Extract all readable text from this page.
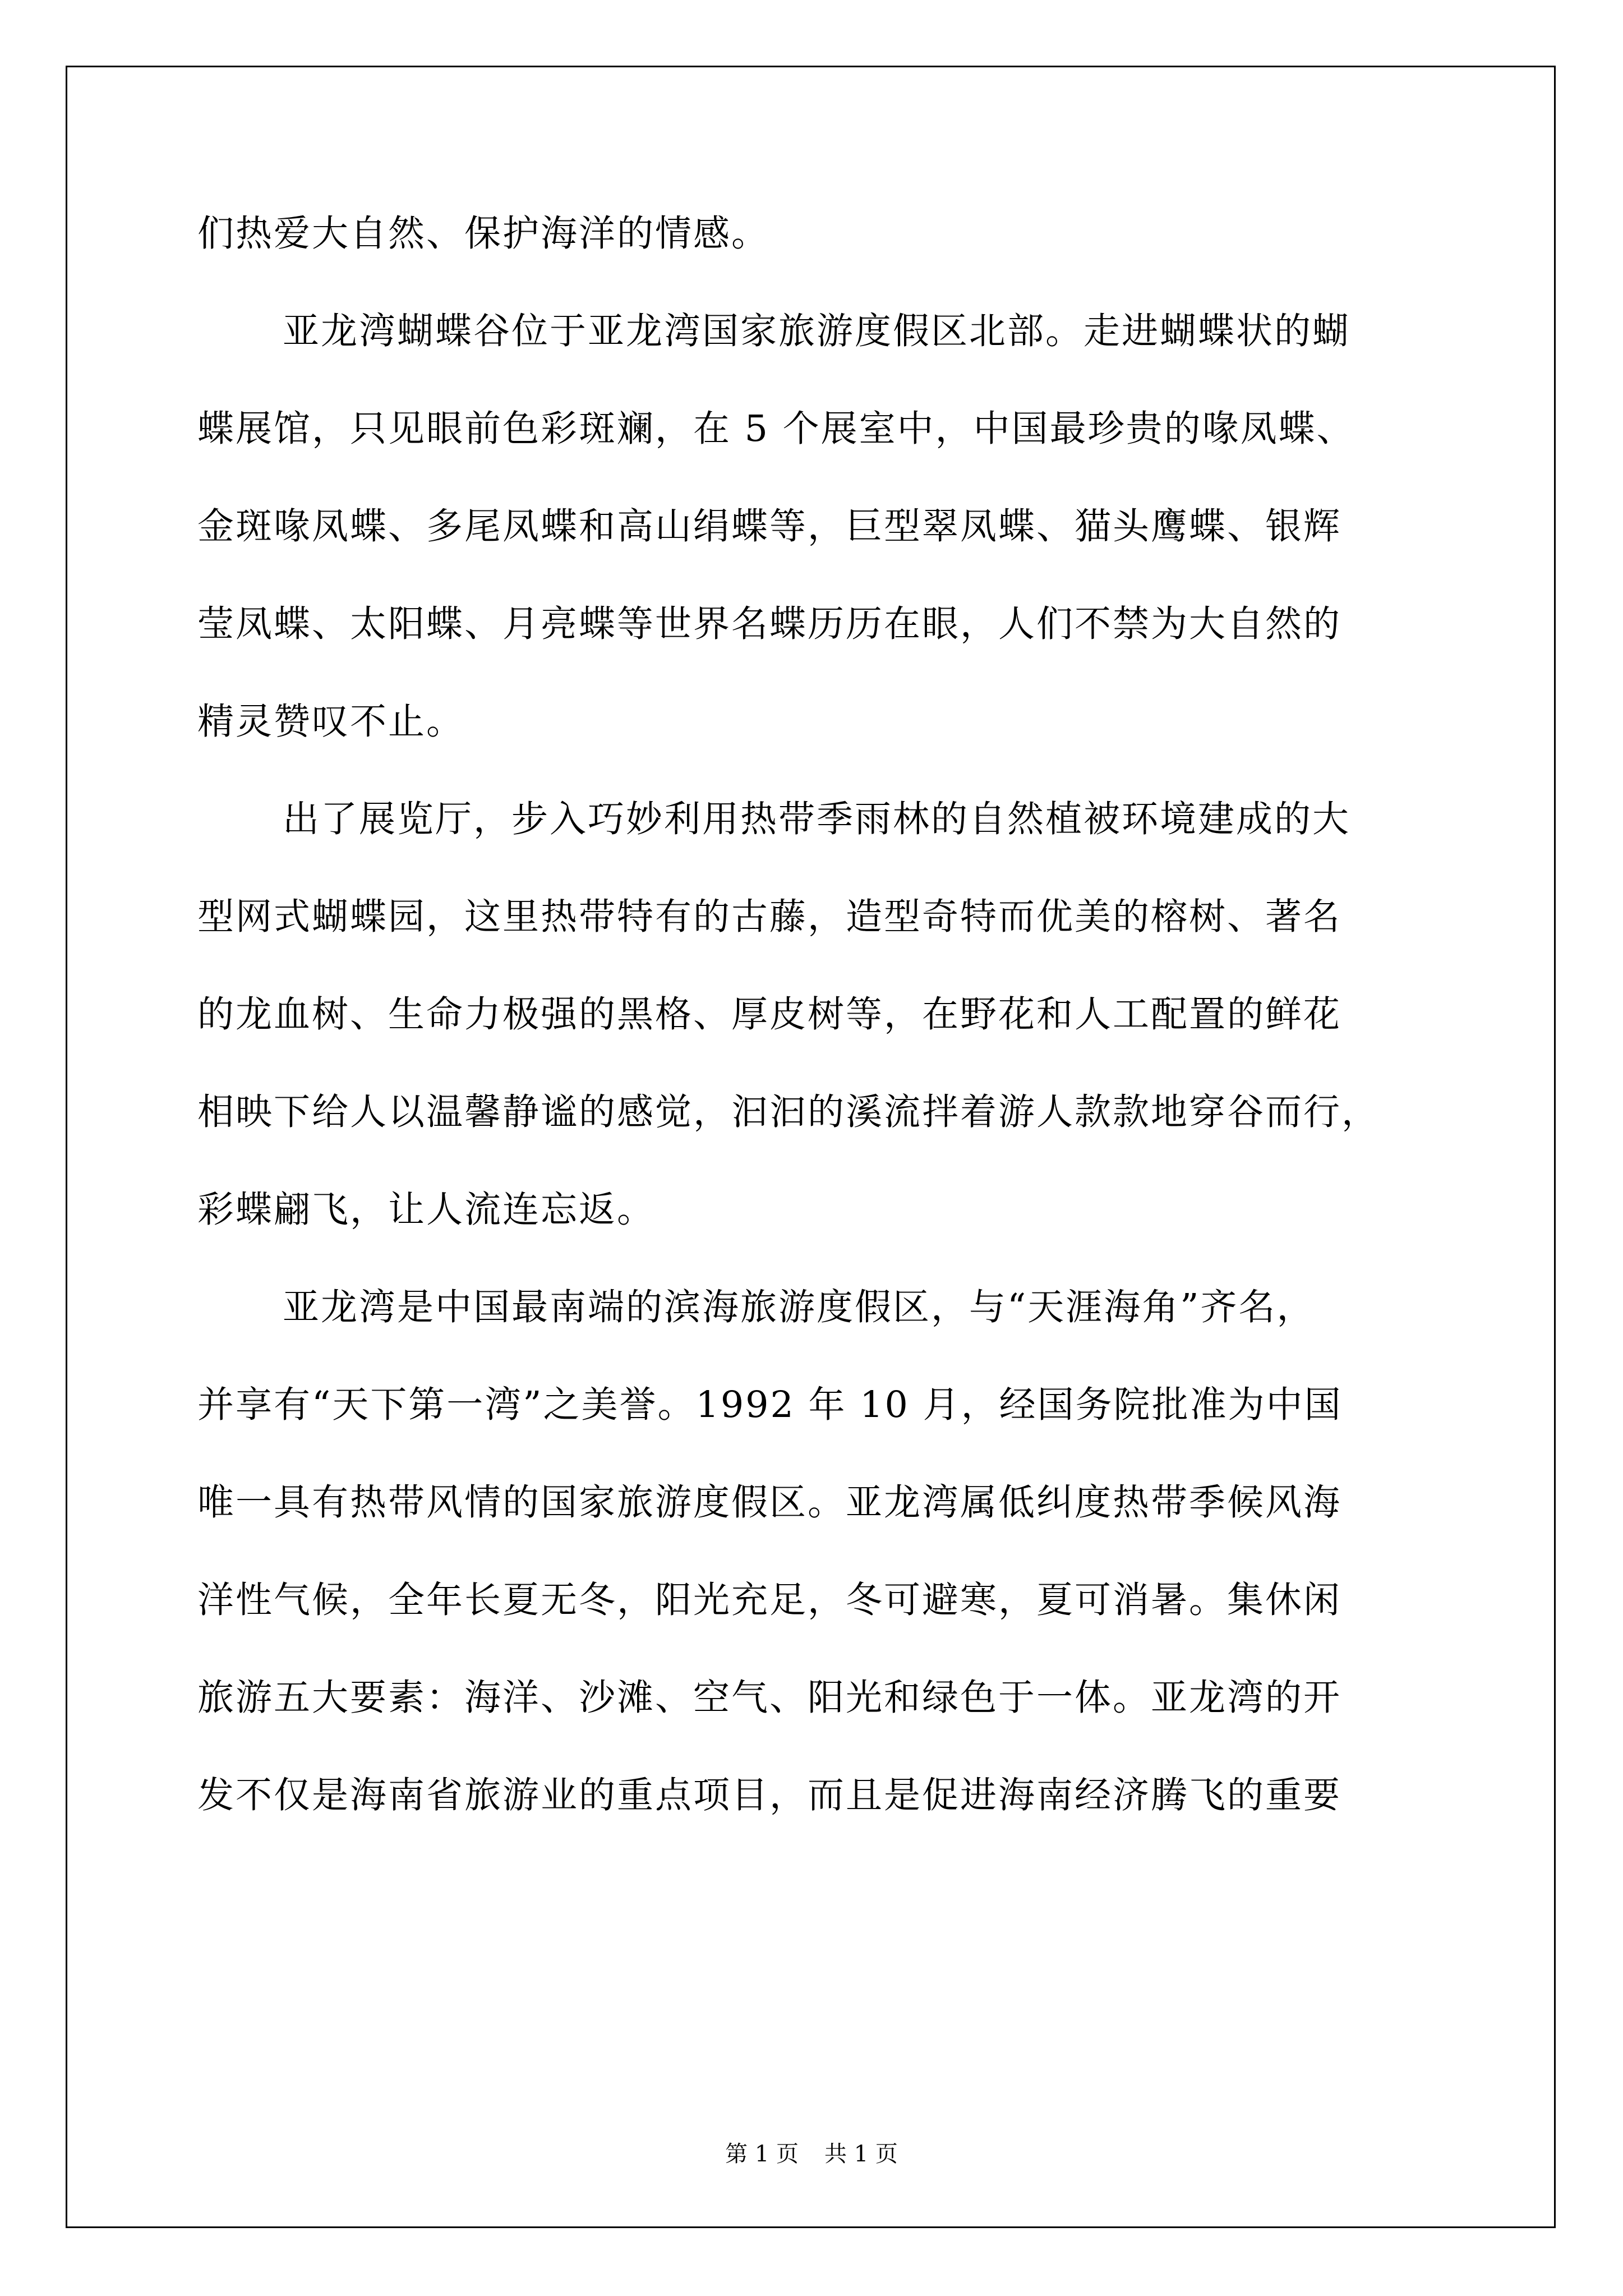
们热爱大自然、保护海洋的情感。
亚龙湾蝴蝶谷位于亚龙湾国家旅游度假区北部。走进蝴蝶状的蝴
蝶展馆，只见眼前色彩斑斓，在 5 个展室中，中国最珍贵的喙凤蝶、
金斑喙凤蝶、多尾凤蝶和高山绢蝶等，巨型翠凤蝶、猫头鹰蝶、银辉
莹凤蝶、太阳蝶、月亮蝶等世界名蝶历历在眼，人们不禁为大自然的
精灵赞叹不止。
出了展览厅，步入巧妙利用热带季雨林的自然植被环境建成的大
型网式蝴蝶园，这里热带特有的古藤，造型奇特而优美的榕树、著名
的龙血树、生命力极强的黑格、厚皮树等，在野花和人工配置的鲜花
相映下给人以温馨静谧的感觉，汩汩的溪流拌着游人款款地穿谷而行，
彩蝶翩飞，让人流连忘返。
亚龙湾是中国最南端的滨海旅游度假区，与“天涯海角”齐名，
并享有“天下第一湾”之美誉。1992 年 10 月，经国务院批准为中国
唯一具有热带风情的国家旅游度假区。亚龙湾属低纠度热带季候风海
洋性气候，全年长夏无冬，阳光充足，冬可避寒，夏可消暑。集休闲
旅游五大要素：海洋、沙滩、空气、阳光和绿色于一体。亚龙湾的开
发不仅是海南省旅游业的重点项目，而且是促进海南经济腾飞的重要
第 1 页 共 1 页
